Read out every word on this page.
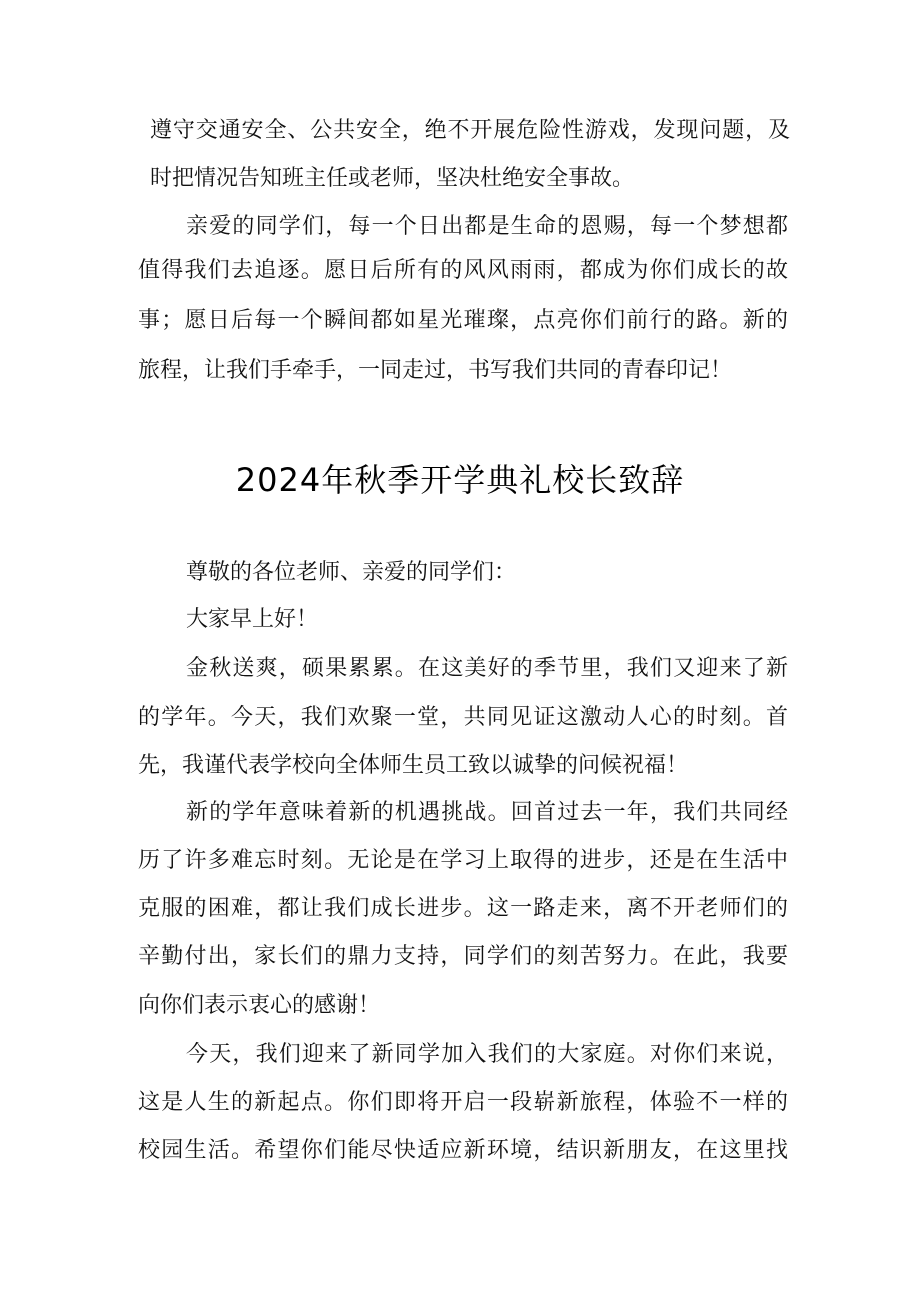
遵守交通安全、公共安全，绝不开展危险性游戏，发现问题，及
时把情况告知班主任或老师，坚决杜绝安全事故。
亲爱的同学们，每一个日出都是生命的恩赐，每一个梦想都
值得我们去追逐。愿日后所有的风风雨雨，都成为你们成长的故
事；愿日后每一个瞬间都如星光璀璨，点亮你们前行的路。新的
旅程，让我们手牵手，一同走过，书写我们共同的青春印记！
2024年秋季开学典礼校长致辞
尊敬的各位老师、亲爱的同学们：
大家早上好！
金秋送爽，硕果累累。在这美好的季节里，我们又迎来了新
的学年。今天，我们欢聚一堂，共同见证这激动人心的时刻。首
先，我谨代表学校向全体师生员工致以诚挚的问候祝福！
新的学年意味着新的机遇挑战。回首过去一年，我们共同经
历了许多难忘时刻。无论是在学习上取得的进步，还是在生活中
克服的困难，都让我们成长进步。这一路走来，离不开老师们的
辛勤付出，家长们的鼎力支持，同学们的刻苦努力。在此，我要
向你们表示衷心的感谢！
今天，我们迎来了新同学加入我们的大家庭。对你们来说，
这是人生的新起点。你们即将开启一段崭新旅程，体验不一样的
校园生活。希望你们能尽快适应新环境，结识新朋友，在这里找
